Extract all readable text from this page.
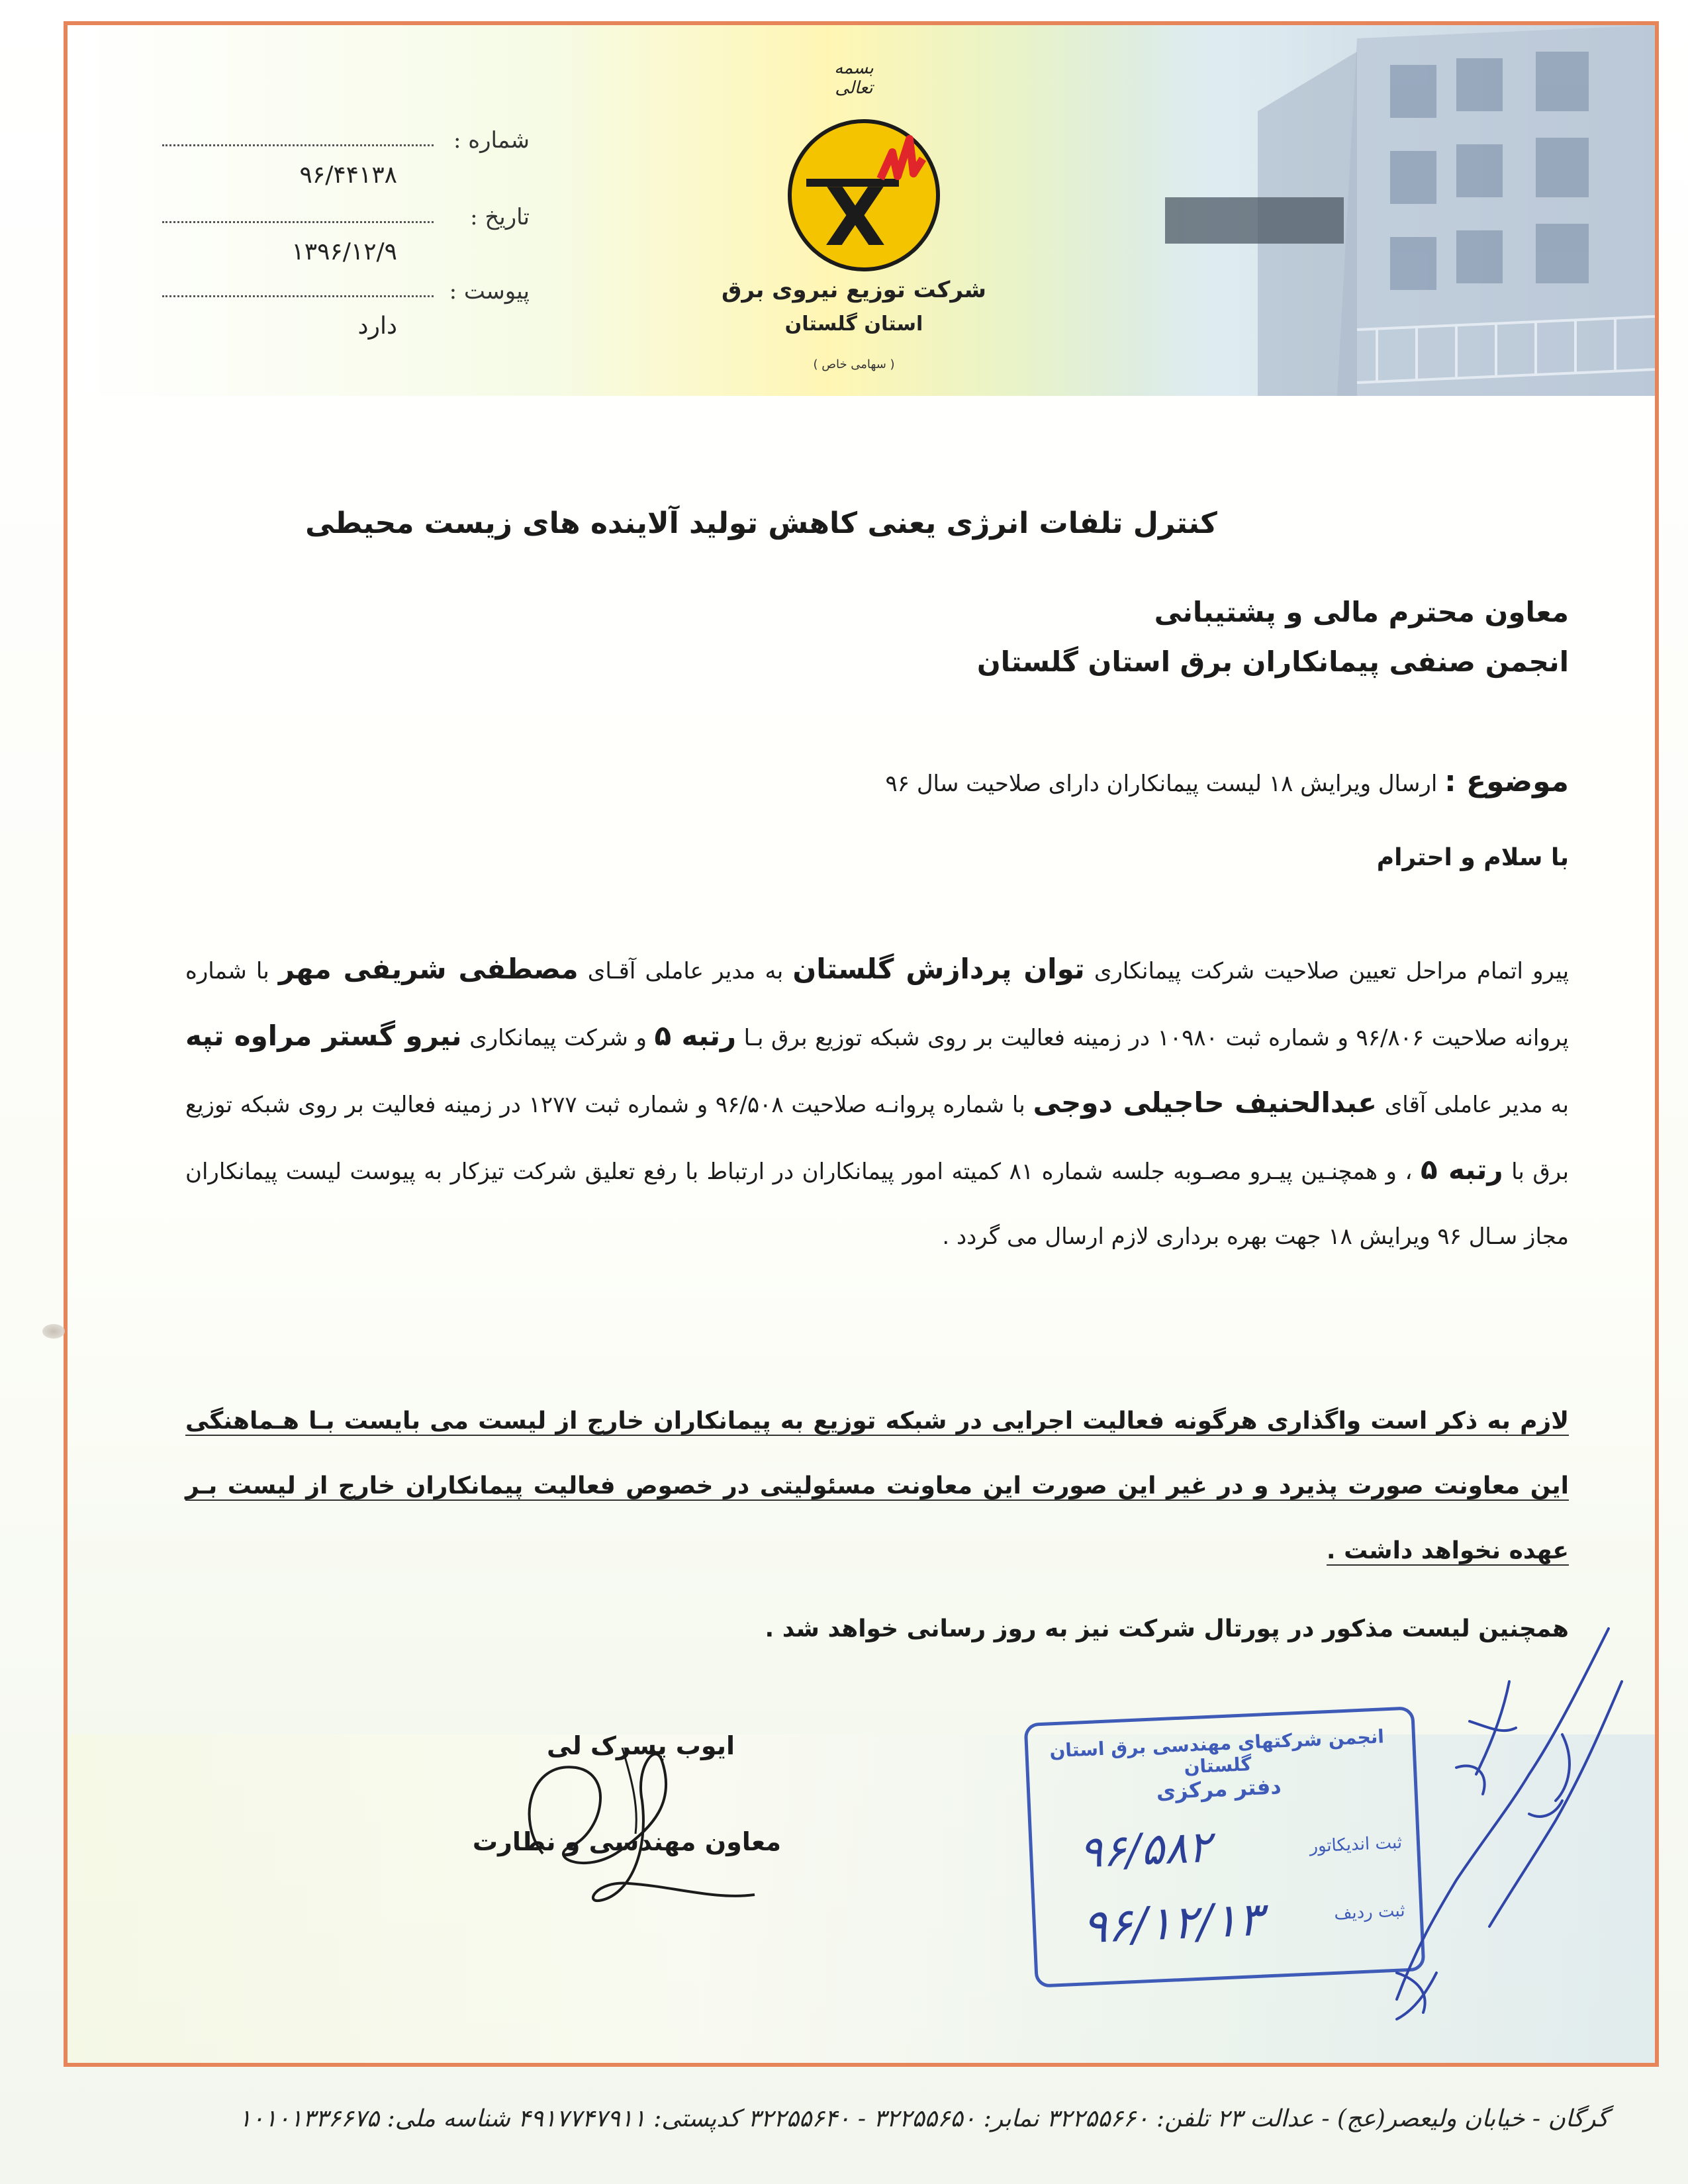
بسمه تعالی
X
شرکت توزیع نیروی برق
استان گلستان
( سهامی خاص )
شماره :
۹۶/۴۴۱۳۸
تاریخ :
۱۳۹۶/۱۲/۹
پیوست :
دارد
کنترل تلفات انرژی یعنی کاهش تولید آلاینده های زیست محیطی
معاون محترم مالی و پشتیبانی
انجمن صنفی پیمانکاران برق استان گلستان
موضوع : ارسال ویرایش ۱۸ لیست پیمانکاران دارای صلاحیت سال ۹۶
با سلام و احترام
پیرو اتمام مراحل تعیین صلاحیت شرکت پیمانکاری توان پردازش گلستان به مدیر عاملی آقـای مصطفی شریفی مهر با شماره پروانه صلاحیت ۹۶/۸۰۶ و شماره ثبت ۱۰۹۸۰ در زمینه فعالیت بر روی شبکه توزیع برق بـا رتبه ۵ و شرکت پیمانکاری نیرو گستر مراوه تپه به مدیر عاملی آقای عبدالحنیف حاجیلی دوجی با شماره پروانـه صلاحیت ۹۶/۵۰۸ و شماره ثبت ۱۲۷۷ در زمینه فعالیت بر روی شبکه توزیع برق با رتبه ۵ ، و همچنـین پیـرو مصـوبه جلسه شماره ۸۱ کمیته امور پیمانکاران در ارتباط با رفع تعلیق شرکت تیزکار به پیوست لیست پیمانکاران مجاز سـال ۹۶ ویرایش ۱۸ جهت بهره برداری لازم ارسال می گردد .
لازم به ذکر است واگذاری هرگونه فعالیت اجرایی در شبکه توزیع به پیمانکاران خارج از لیست می بایست بـا هـماهنگی این معاونت صورت پذیرد و در غیر این صورت این معاونت مسئولیتی در خصوص فعالیت پیمانکاران خارج از لیست بـر عهده نخواهد داشت .
همچنین لیست مذکور در پورتال شرکت نیز به روز رسانی خواهد شد .
ایوب پسرک لی
معاون مهندسی و نظارت
انجمن شرکتهای مهندسی برق استان گلستان
دفتر مرکزی
ثبت اندیکاتور
۹۶/۵۸۲
ثبت ردیف
۹۶/۱۲/۱۳
گرگان - خیابان ولیعصر(عج) - عدالت ۲۳ تلفن: ۳۲۲۵۵۶۶۰ نمابر: ۳۲۲۵۵۶۵۰ - ۳۲۲۵۵۶۴۰ کدپستی: ۴۹۱۷۷۴۷۹۱۱ شناسه ملی: ۱۰۱۰۱۳۳۶۶۷۵
